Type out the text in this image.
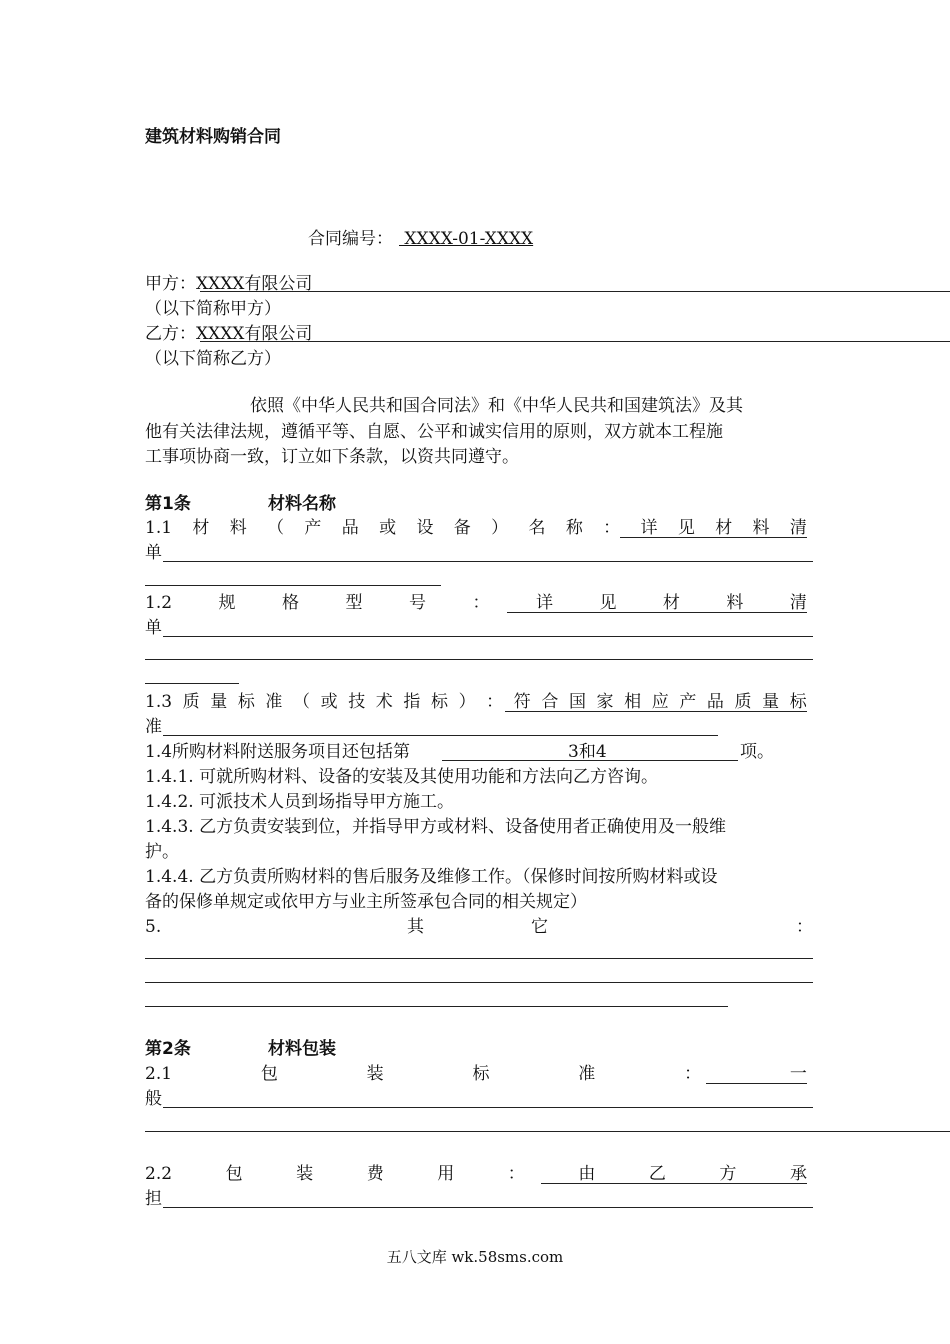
建筑材料购销合同
合同编号： XXXX-01-XXXX
甲方：XXXX有限公司
（以下简称甲方）
乙方：XXXX有限公司
（以下简称乙方）
依照《中华人民共和国合同法》和《中华人民共和国建筑法》及其
他有关法律法规，遵循平等、自愿、公平和诚实信用的原则，双方就本工程施
工事项协商一致，订立如下条款，以资共同遵守。
第1条	材料名称
1.1 材 料 （ 产 品 或 设 备 ） 名 称 ： 详 见 材 料 清
单
1.2	规	格	型	号	：	详	见	材	料	清
单
1.3 质 量 标 准 （ 或 技 术 指 标 ） ： 符 合 国 家 相 应 产 品 质 量 标
准
1.4所购材料附送服务项目还包括第	3和4	项。
1.4.1. 可就所购材料、设备的安装及其使用功能和方法向乙方咨询。
1.4.2. 可派技术人员到场指导甲方施工。
1.4.3. 乙方负责安装到位，并指导甲方或材料、设备使用者正确使用及一般维
护。
1.4.4. 乙方负责所购材料的售后服务及维修工作。（保修时间按所购材料或设
备的保修单规定或依甲方与业主所签承包合同的相关规定）
5.	其	它	：
第2条	材料包装
2.1	包	装	标	准	：	一
般
2.2	包	装	费	用	：	由	乙	方	承
担
五八文库 wk.58sms.com
